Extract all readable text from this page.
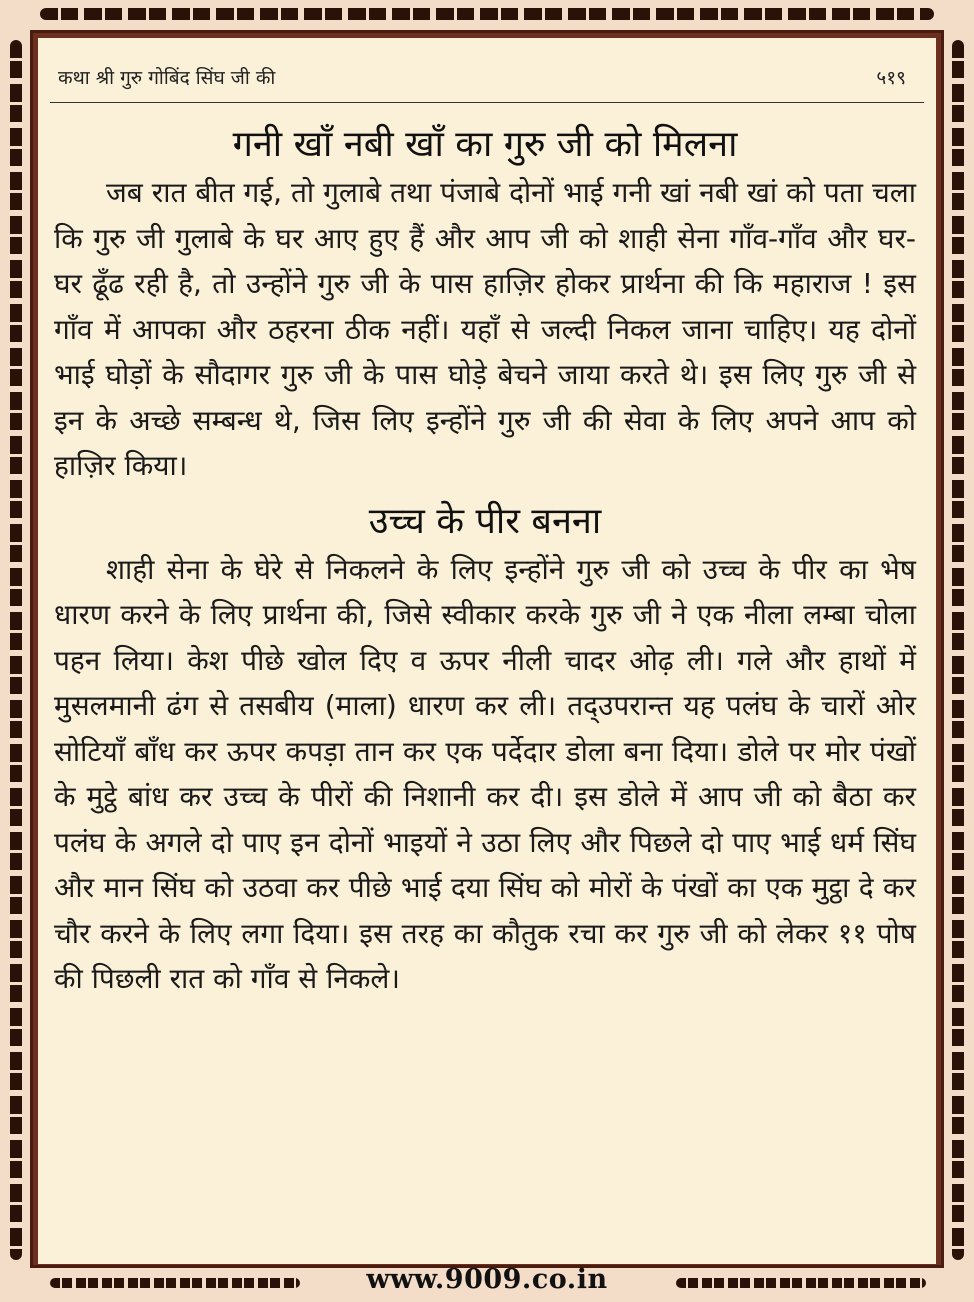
कथा श्री गुरु गोबिंद सिंघ जी की	५१९
गनी खाँ नबी खाँ का गुरु जी को मिलना

जब रात बीत गई, तो गुलाबे तथा पंजाबे दोनों भाई गनी खां नबी खां को पता चला कि गुरु जी गुलाबे के घर आए हुए हैं और आप जी को शाही सेना गाँव-गाँव और घर-घर ढूँढ रही है, तो उन्होंने गुरु जी के पास हाज़िर होकर प्रार्थना की कि महाराज ! इस गाँव में आपका और ठहरना ठीक नहीं। यहाँ से जल्दी निकल जाना चाहिए। यह दोनों भाई घोड़ों के सौदागर गुरु जी के पास घोड़े बेचने जाया करते थे। इस लिए गुरु जी से इन के अच्छे सम्बन्ध थे, जिस लिए इन्होंने गुरु जी की सेवा के लिए अपने आप को हाज़िर किया।

उच्च के पीर बनना

शाही सेना के घेरे से निकलने के लिए इन्होंने गुरु जी को उच्च के पीर का भेष धारण करने के लिए प्रार्थना की, जिसे स्वीकार करके गुरु जी ने एक नीला लम्बा चोला पहन लिया। केश पीछे खोल दिए व ऊपर नीली चादर ओढ़ ली। गले और हाथों में मुसलमानी ढंग से तसबीय (माला) धारण कर ली। तद्उपरान्त यह पलंघ के चारों ओर सोटियाँ बाँध कर ऊपर कपड़ा तान कर एक पर्देदार डोला बना दिया। डोले पर मोर पंखों के मुट्ठे बांध कर उच्च के पीरों की निशानी कर दी। इस डोले में आप जी को बैठा कर पलंघ के अगले दो पाए इन दोनों भाइयों ने उठा लिए और पिछले दो पाए भाई धर्म सिंघ और मान सिंघ को उठवा कर पीछे भाई दया सिंघ को मोरों के पंखों का एक मुट्ठा दे कर चौर करने के लिए लगा दिया। इस तरह का कौतुक रचा कर गुरु जी को लेकर ११ पोष की पिछली रात को गाँव से निकले।

www.9009.co.in
